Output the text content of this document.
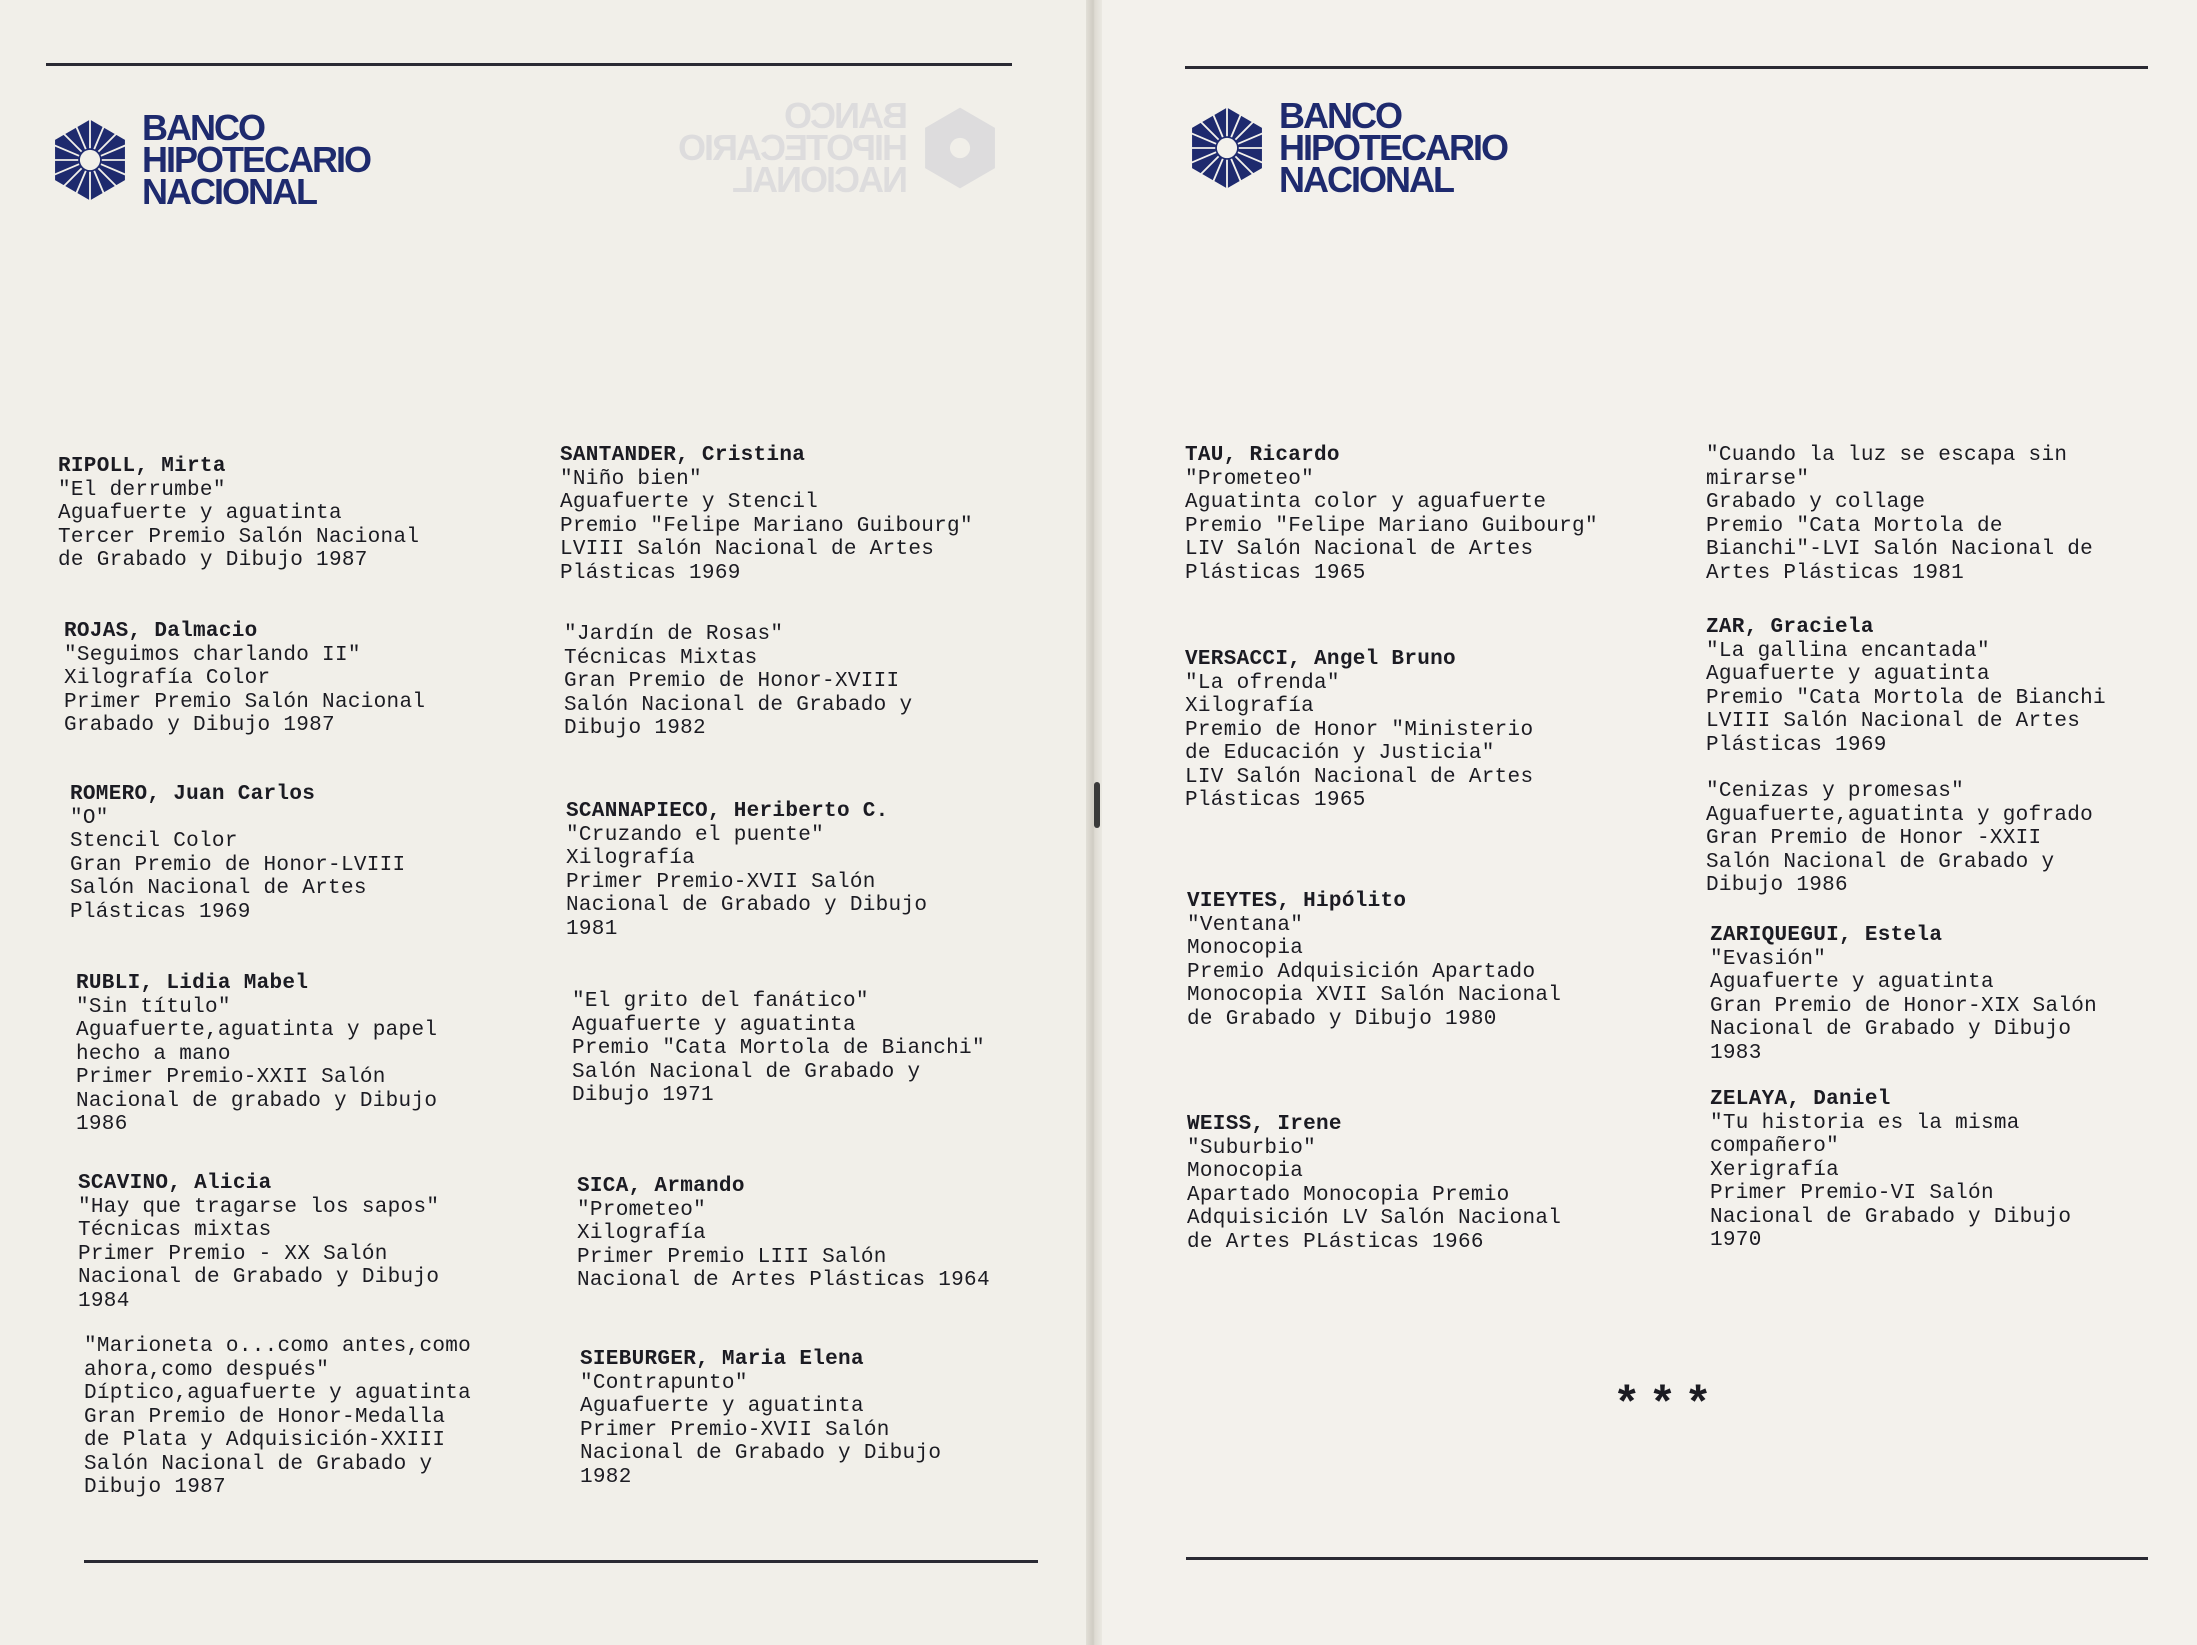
BANCO
HIPOTECARIO
NACIONAL
BANCO
HIPOTECARIO
NACIONAL
BANCO
HIPOTECARIO
NACIONAL
RIPOLL, Mirta
"El derrumbe"
Aguafuerte y aguatinta
Tercer Premio Salón Nacional
de Grabado y Dibujo 1987
ROJAS, Dalmacio
"Seguimos charlando II"
Xilografía Color
Primer Premio Salón Nacional
Grabado y Dibujo 1987
ROMERO, Juan Carlos
"O"
Stencil Color
Gran Premio de Honor-LVIII
Salón Nacional de Artes
Plásticas 1969
RUBLI, Lidia Mabel
"Sin título"
Aguafuerte,aguatinta y papel
hecho a mano
Primer Premio-XXII Salón
Nacional de grabado y Dibujo
1986
SCAVINO, Alicia
"Hay que tragarse los sapos"
Técnicas mixtas
Primer Premio - XX Salón
Nacional de Grabado y Dibujo
1984
"Marioneta o...como antes,como
ahora,como después"
Díptico,aguafuerte y aguatinta
Gran Premio de Honor-Medalla
de Plata y Adquisición-XXIII
Salón Nacional de Grabado y
Dibujo 1987
SANTANDER, Cristina
"Niño bien"
Aguafuerte y Stencil
Premio "Felipe Mariano Guibourg"
LVIII Salón Nacional de Artes
Plásticas 1969
"Jardín de Rosas"
Técnicas Mixtas
Gran Premio de Honor-XVIII
Salón Nacional de Grabado y
Dibujo 1982
SCANNAPIECO, Heriberto C.
"Cruzando el puente"
Xilografía
Primer Premio-XVII Salón
Nacional de Grabado y Dibujo
1981
"El grito del fanático"
Aguafuerte y aguatinta
Premio "Cata Mortola de Bianchi"
Salón Nacional de Grabado y
Dibujo 1971
SICA, Armando
"Prometeo"
Xilografía
Primer Premio LIII Salón
Nacional de Artes Plásticas 1964
SIEBURGER, Maria Elena
"Contrapunto"
Aguafuerte y aguatinta
Primer Premio-XVII Salón
Nacional de Grabado y Dibujo
1982
TAU, Ricardo
"Prometeo"
Aguatinta color y aguafuerte
Premio "Felipe Mariano Guibourg"
LIV Salón Nacional de Artes
Plásticas 1965
VERSACCI, Angel Bruno
"La ofrenda"
Xilografía
Premio de Honor "Ministerio
de Educación y Justicia"
LIV Salón Nacional de Artes
Plásticas 1965
VIEYTES, Hipólito
"Ventana"
Monocopia
Premio Adquisición Apartado
Monocopia XVII Salón Nacional
de Grabado y Dibujo 1980
WEISS, Irene
"Suburbio"
Monocopia
Apartado Monocopia Premio
Adquisición LV Salón Nacional
de Artes PLásticas 1966
"Cuando la luz se escapa sin
mirarse"
Grabado y collage
Premio "Cata Mortola de
Bianchi"-LVI Salón Nacional de
Artes Plásticas 1981
ZAR, Graciela
"La gallina encantada"
Aguafuerte y aguatinta
Premio "Cata Mortola de Bianchi
LVIII Salón Nacional de Artes
Plásticas 1969
"Cenizas y promesas"
Aguafuerte,aguatinta y gofrado
Gran Premio de Honor -XXII
Salón Nacional de Grabado y
Dibujo 1986
ZARIQUEGUI, Estela
"Evasión"
Aguafuerte y aguatinta
Gran Premio de Honor-XIX Salón
Nacional de Grabado y Dibujo
1983
ZELAYA, Daniel
"Tu historia es la misma
compañero"
Xerigrafía
Primer Premio-VI Salón
Nacional de Grabado y Dibujo
1970
***
